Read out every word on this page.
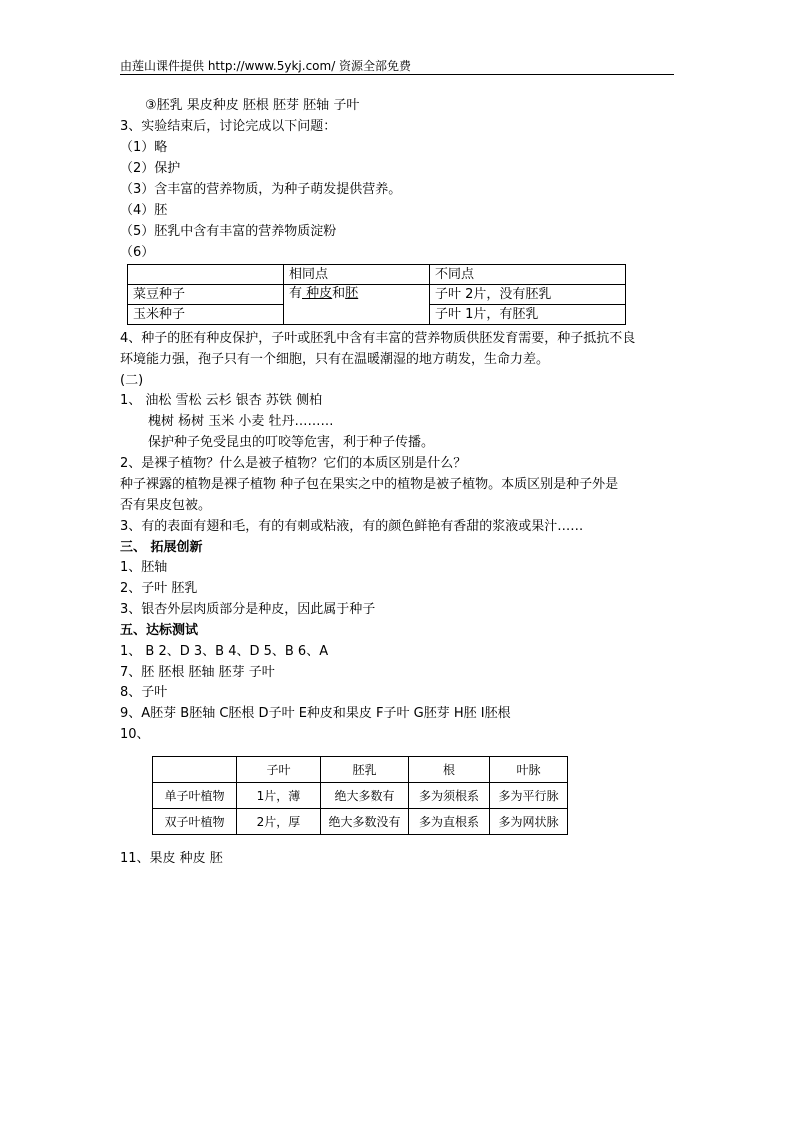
由莲山课件提供 http://www.5ykj.com/ 资源全部免费
③胚乳 果皮种皮 胚根 胚芽 胚轴 子叶
3、实验结束后，讨论完成以下问题：
（1）略
（2）保护
（3）含丰富的营养物质，为种子萌发提供营养。
（4）胚
（5）胚乳中含有丰富的营养物质淀粉
（6）
	相同点	不同点
菜豆种子	有 种皮和胚	子叶 2片，没有胚乳
玉米种子		子叶 1片，有胚乳
4、种子的胚有种皮保护，子叶或胚乳中含有丰富的营养物质供胚发育需要，种子抵抗不良
环境能力强，孢子只有一个细胞，只有在温暖潮湿的地方萌发，生命力差。
(二)
1、 油松 雪松 云杉 银杏 苏铁 侧柏
槐树 杨树 玉米 小麦 牡丹………
保护种子免受昆虫的叮咬等危害，利于种子传播。
2、是裸子植物？什么是被子植物？它们的本质区别是什么？
种子裸露的植物是裸子植物 种子包在果实之中的植物是被子植物。本质区别是种子外是
否有果皮包被。
3、有的表面有翅和毛，有的有刺或粘液，有的颜色鲜艳有香甜的浆液或果汁……
三、 拓展创新
1、胚轴
2、子叶 胚乳
3、银杏外层肉质部分是种皮，因此属于种子
五、达标测试
1、 B 2、D 3、B 4、D 5、B 6、A
7、胚 胚根 胚轴 胚芽 子叶
8、子叶
9、A胚芽 B胚轴 C胚根 D子叶 E种皮和果皮 F子叶 G胚芽 H胚 I胚根
10、
	子叶	胚乳	根	叶脉
单子叶植物	1片，薄	绝大多数有	多为须根系	多为平行脉
双子叶植物	2片，厚	绝大多数没有	多为直根系	多为网状脉
11、果皮 种皮 胚
